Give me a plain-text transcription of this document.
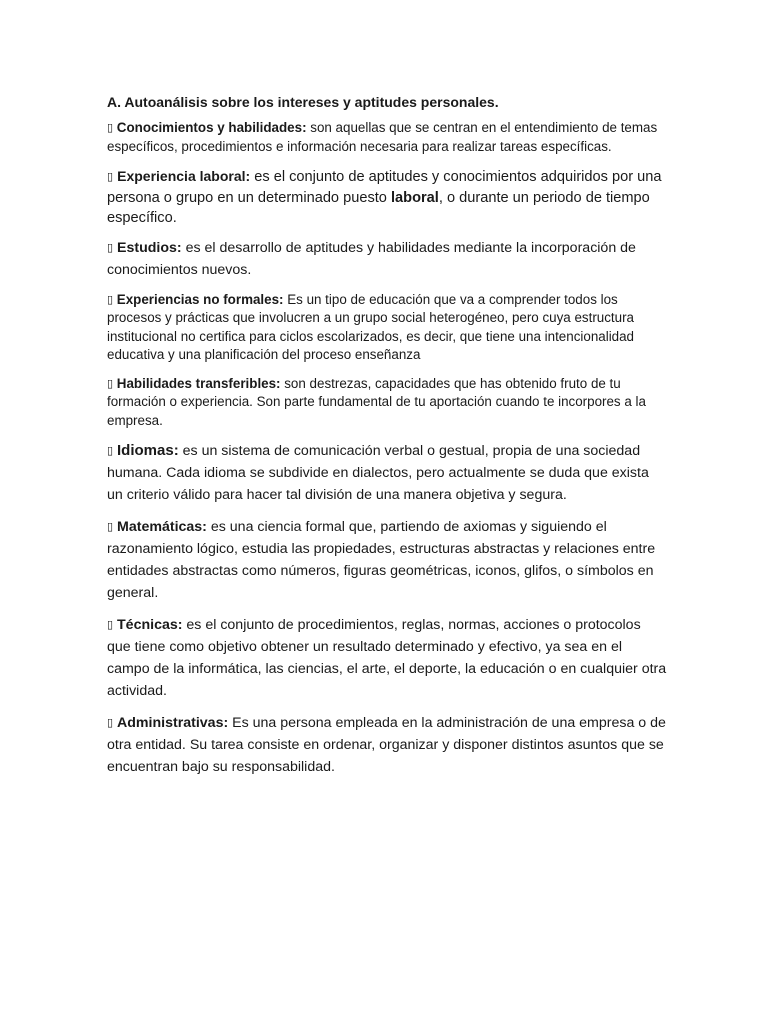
A. Autoanálisis sobre los intereses y aptitudes personales.

▯ Conocimientos y habilidades: son aquellas que se centran en el entendimiento de temas específicos, procedimientos e información necesaria para realizar tareas específicas.

▯ Experiencia laboral: es el conjunto de aptitudes y conocimientos adquiridos por una persona o grupo en un determinado puesto laboral, o durante un periodo de tiempo específico.

▯ Estudios: es el desarrollo de aptitudes y habilidades mediante la incorporación de conocimientos nuevos.

▯ Experiencias no formales: Es un tipo de educación que va a comprender todos los procesos y prácticas que involucren a un grupo social heterogéneo, pero cuya estructura institucional no certifica para ciclos escolarizados, es decir, que tiene una intencionalidad educativa y una planificación del proceso enseñanza

▯ Habilidades transferibles: son destrezas, capacidades que has obtenido fruto de tu formación o experiencia. Son parte fundamental de tu aportación cuando te incorpores a la empresa.

▯ Idiomas: es un sistema de comunicación verbal o gestual, propia de una sociedad humana. Cada idioma se subdivide en dialectos, pero actualmente se duda que exista un criterio válido para hacer tal división de una manera objetiva y segura.

▯ Matemáticas: es una ciencia formal que, partiendo de axiomas y siguiendo el razonamiento lógico, estudia las propiedades, estructuras abstractas y relaciones entre entidades abstractas como números, figuras geométricas, iconos, glifos, o símbolos en general.

▯ Técnicas: es el conjunto de procedimientos, reglas, normas, acciones o protocolos que tiene como objetivo obtener un resultado determinado y efectivo, ya sea en el campo de la informática, las ciencias, el arte, el deporte, la educación o en cualquier otra actividad.

▯ Administrativas: Es una persona empleada en la administración de una empresa o de otra entidad. Su tarea consiste en ordenar, organizar y disponer distintos asuntos que se encuentran bajo su responsabilidad.
